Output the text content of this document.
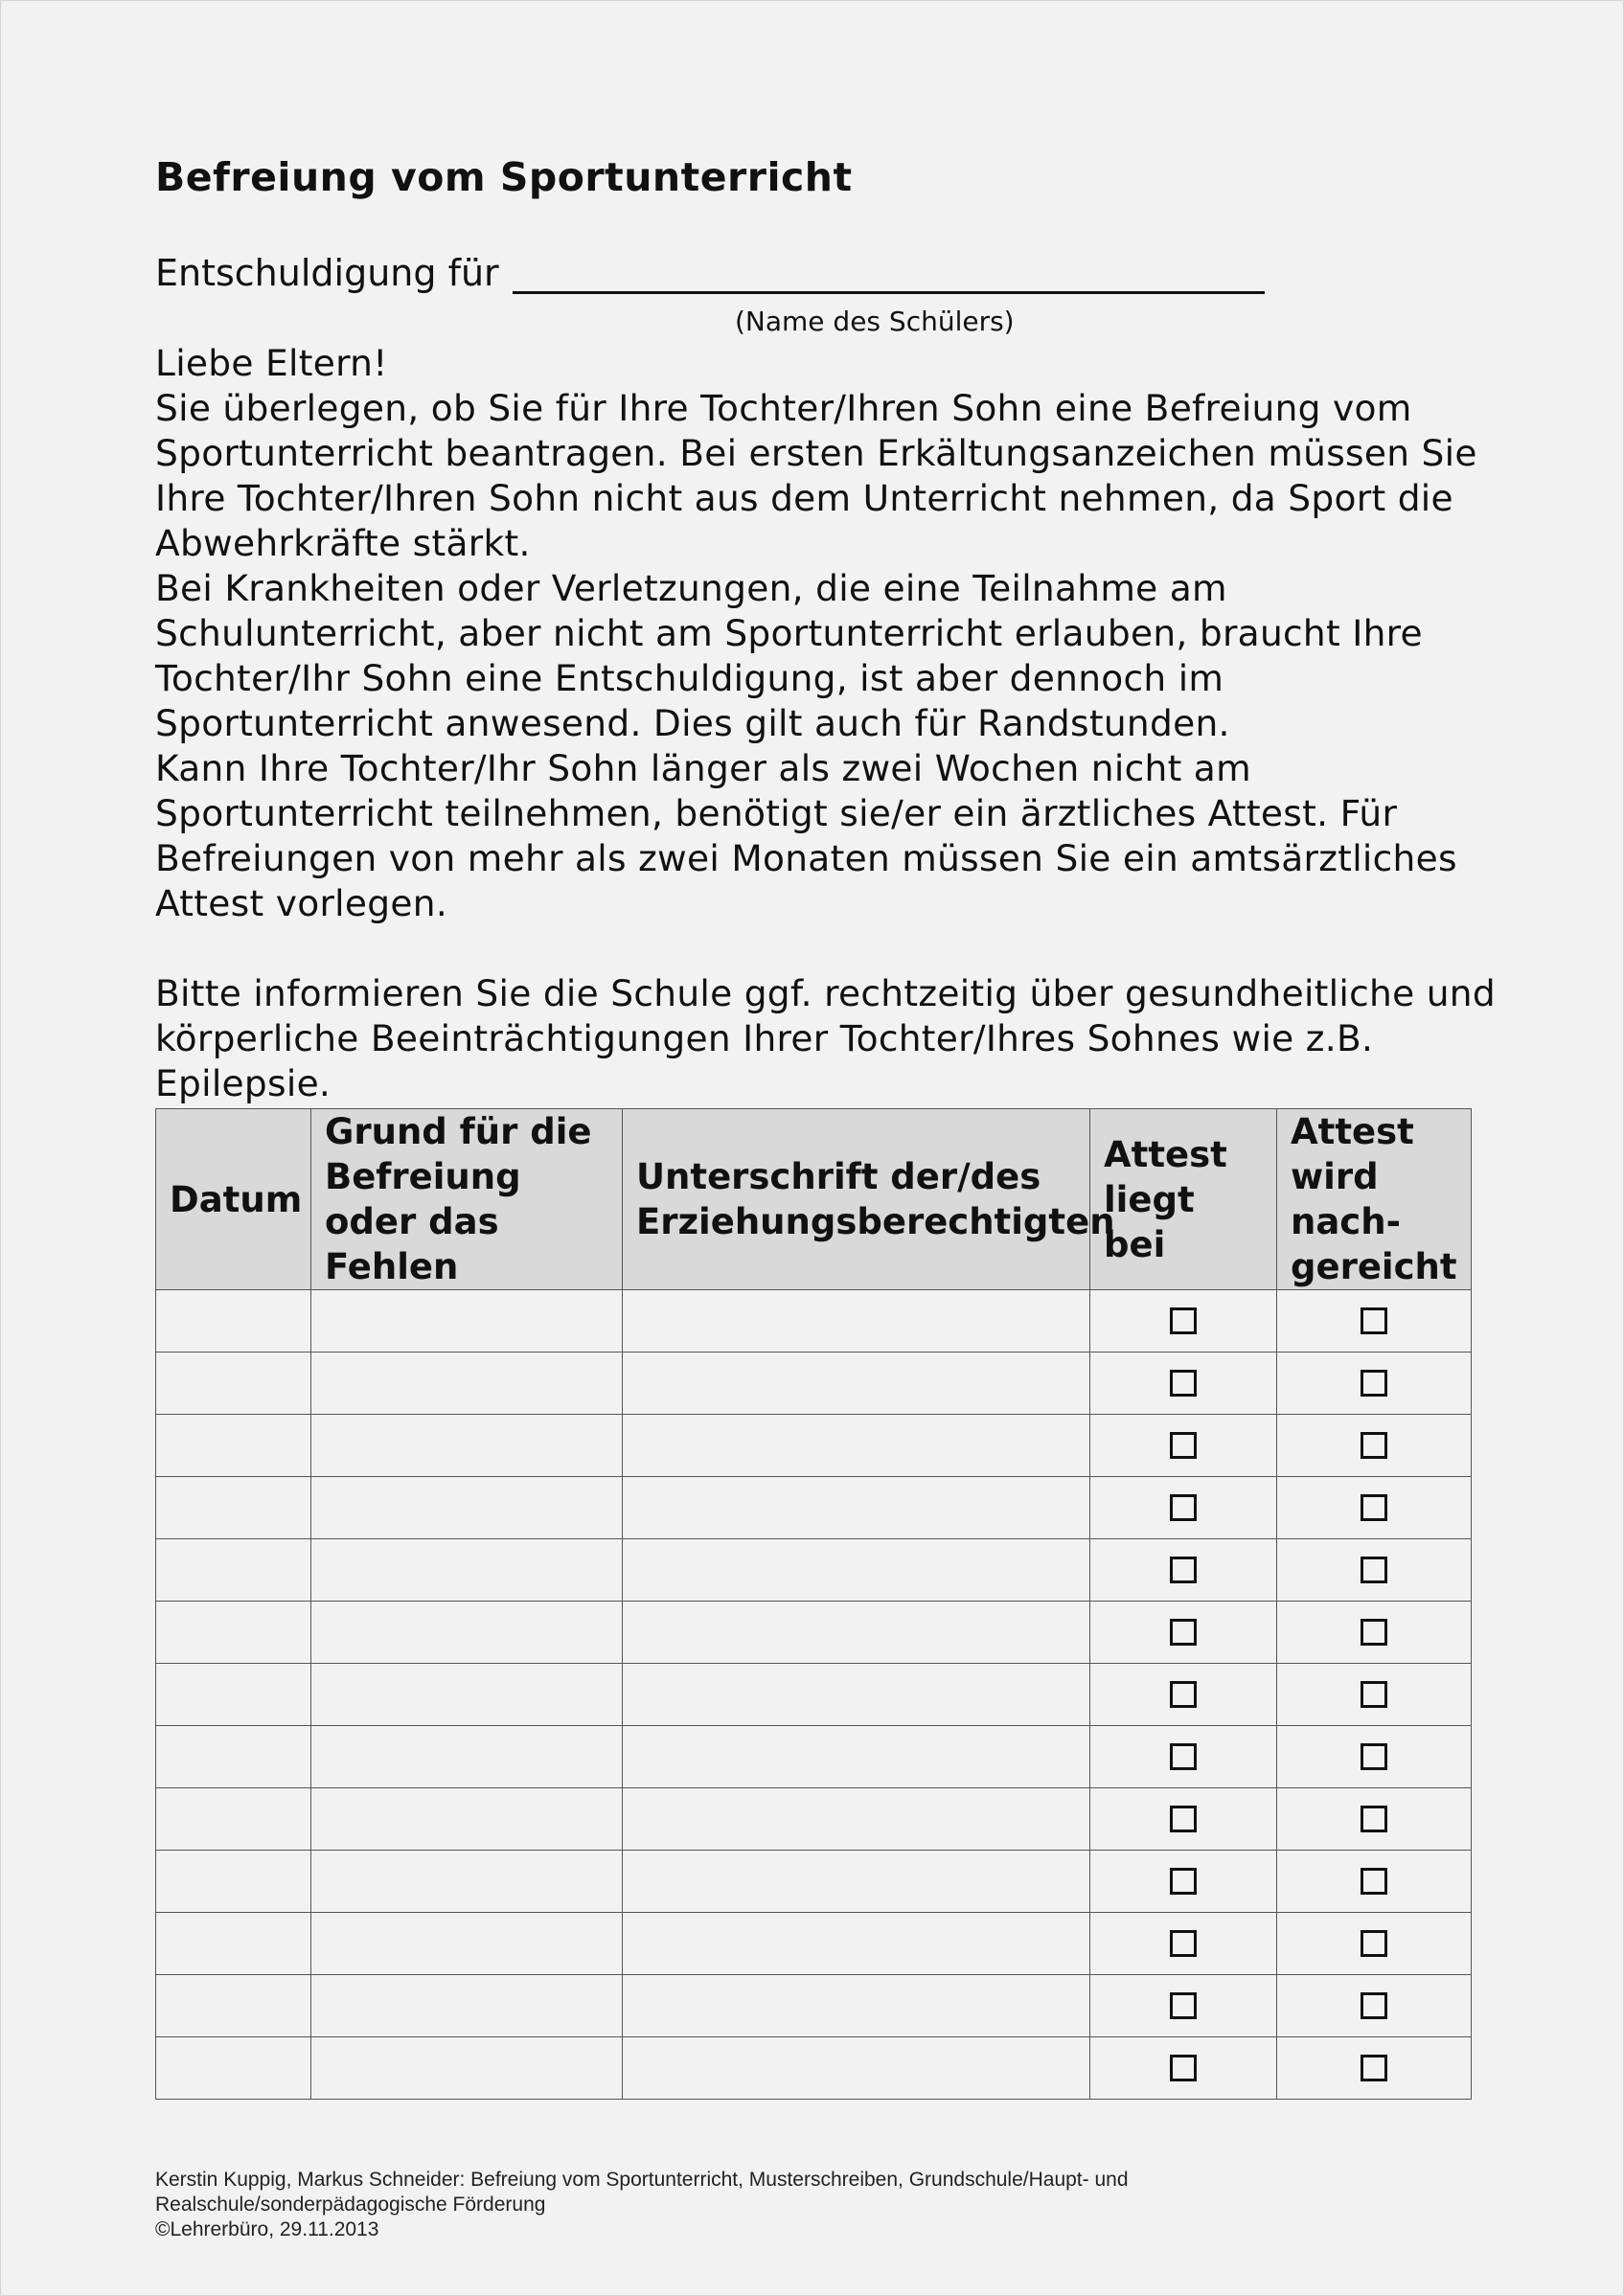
Befreiung vom Sportunterricht
Entschuldigung für
(Name des Schülers)

Liebe Eltern!

Sie überlegen, ob Sie für Ihre Tochter/Ihren Sohn eine Befreiung vom Sportunterricht beantragen. Bei ersten Erkältungsanzeichen müssen Sie Ihre Tochter/Ihren Sohn nicht aus dem Unterricht nehmen, da Sport die Abwehrkräfte stärkt.

Bei Krankheiten oder Verletzungen, die eine Teilnahme am Schulunterricht, aber nicht am Sportunterricht erlauben, braucht Ihre Tochter/Ihr Sohn eine Entschuldigung, ist aber dennoch im Sportunterricht anwesend. Dies gilt auch für Randstunden.

Kann Ihre Tochter/Ihr Sohn länger als zwei Wochen nicht am Sportunterricht teilnehmen, benötigt sie/er ein ärztliches Attest. Für Befreiungen von mehr als zwei Monaten müssen Sie ein amtsärztliches Attest vorlegen.

Bitte informieren Sie die Schule ggf. rechtzeitig über gesundheitliche und körperliche Beeinträchtigungen Ihrer Tochter/Ihres Sohnes wie z.B. Epilepsie.

Datum	Grund für die Befreiung oder das Fehlen	Unterschrift der/des Erziehungsberechtigten	Attest liegt bei	Attest wird nach-gereicht

Kerstin Kuppig, Markus Schneider: Befreiung vom Sportunterricht, Musterschreiben, Grundschule/Haupt- und
Realschule/sonderpädagogische Förderung
©Lehrerbüro, 29.11.2013
